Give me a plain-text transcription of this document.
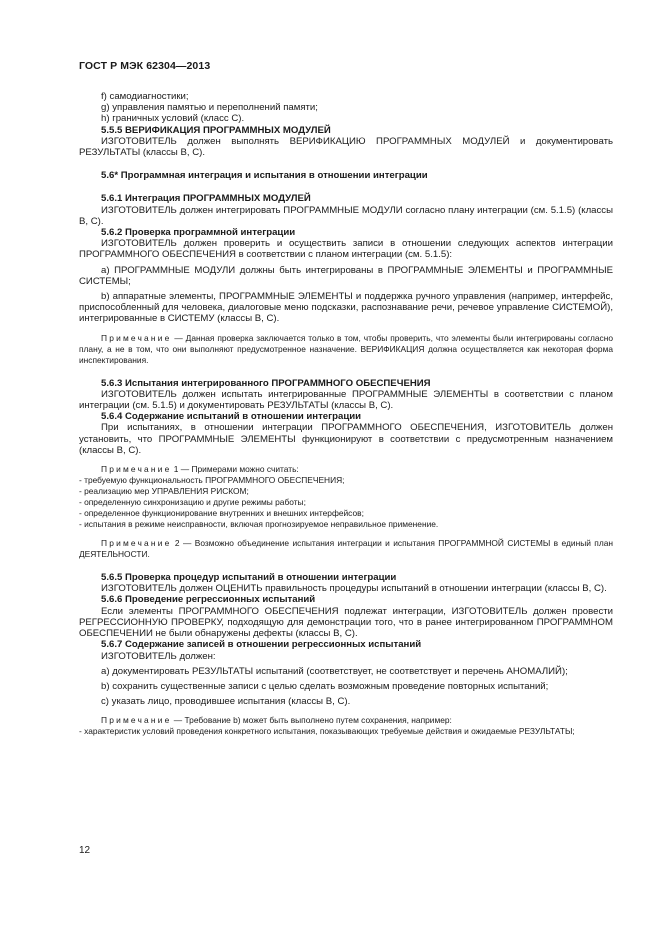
ГОСТ Р МЭК 62304—2013

f) самодиагностики;

g) управления памятью и переполнений памяти;

h) граничных условий (класс C).

5.5.5 ВЕРИФИКАЦИЯ ПРОГРАММНЫХ МОДУЛЕЙ

ИЗГОТОВИТЕЛЬ должен выполнять ВЕРИФИКАЦИЮ ПРОГРАММНЫХ МОДУЛЕЙ и документировать РЕЗУЛЬТАТЫ (классы B, C).

5.6* Программная интеграция и испытания в отношении интеграции

5.6.1 Интеграция ПРОГРАММНЫХ МОДУЛЕЙ

ИЗГОТОВИТЕЛЬ должен интегрировать ПРОГРАММНЫЕ МОДУЛИ согласно плану интеграции (см. 5.1.5) (классы B, C).

5.6.2 Проверка программной интеграции

ИЗГОТОВИТЕЛЬ должен проверить и осуществить записи в отношении следующих аспектов интеграции ПРОГРАММНОГО ОБЕСПЕЧЕНИЯ в соответствии с планом интеграции (см. 5.1.5):

a) ПРОГРАММНЫЕ МОДУЛИ должны быть интегрированы в ПРОГРАММНЫЕ ЭЛЕМЕНТЫ и ПРОГРАММНЫЕ СИСТЕМЫ;

b) аппаратные элементы, ПРОГРАММНЫЕ ЭЛЕМЕНТЫ и поддержка ручного управления (например, интерфейс, приспособленный для человека, диалоговые меню подсказки, распознавание речи, речевое управление СИСТЕМОЙ), интегрированные в СИСТЕМУ (классы B, C).

Примечание — Данная проверка заключается только в том, чтобы проверить, что элементы были интегрированы согласно плану, а не в том, что они выполняют предусмотренное назначение. ВЕРИФИКАЦИЯ должна осуществляется как некоторая форма инспектирования.

5.6.3 Испытания интегрированного ПРОГРАММНОГО ОБЕСПЕЧЕНИЯ

ИЗГОТОВИТЕЛЬ должен испытать интегрированные ПРОГРАММНЫЕ ЭЛЕМЕНТЫ в соответствии с планом интеграции (см. 5.1.5) и документировать РЕЗУЛЬТАТЫ (классы B, C).

5.6.4 Содержание испытаний в отношении интеграции

При испытаниях, в отношении интеграции ПРОГРАММНОГО ОБЕСПЕЧЕНИЯ, ИЗГОТОВИТЕЛЬ должен установить, что ПРОГРАММНЫЕ ЭЛЕМЕНТЫ функционируют в соответствии с предусмотренным назначением (классы B, C).

Примечание 1 — Примерами можно считать:

- требуемую функциональность ПРОГРАММНОГО ОБЕСПЕЧЕНИЯ;

- реализацию мер УПРАВЛЕНИЯ РИСКОМ;

- определенную синхронизацию и другие режимы работы;

- определенное функционирование внутренних и внешних интерфейсов;

- испытания в режиме неисправности, включая прогнозируемое неправильное применение.

Примечание 2 — Возможно объединение испытания интеграции и испытания ПРОГРАММНОЙ СИСТЕМЫ в единый план ДЕЯТЕЛЬНОСТИ.

5.6.5 Проверка процедур испытаний в отношении интеграции

ИЗГОТОВИТЕЛЬ должен ОЦЕНИТЬ правильность процедуры испытаний в отношении интеграции (классы B, C).

5.6.6 Проведение регрессионных испытаний

Если элементы ПРОГРАММНОГО ОБЕСПЕЧЕНИЯ подлежат интеграции, ИЗГОТОВИТЕЛЬ должен провести РЕГРЕССИОННУЮ ПРОВЕРКУ, подходящую для демонстрации того, что в ранее интегрированном ПРОГРАММНОМ ОБЕСПЕЧЕНИИ не были обнаружены дефекты (классы B, C).

5.6.7 Содержание записей в отношении регрессионных испытаний

ИЗГОТОВИТЕЛЬ должен:

a) документировать РЕЗУЛЬТАТЫ испытаний (соответствует, не соответствует и перечень АНОМАЛИЙ);

b) сохранить существенные записи с целью сделать возможным проведение повторных испытаний;

c) указать лицо, проводившее испытания (классы B, C).

Примечание — Требование b) может быть выполнено путем сохранения, например:

- характеристик условий проведения конкретного испытания, показывающих требуемые действия и ожидаемые РЕЗУЛЬТАТЫ;

12
